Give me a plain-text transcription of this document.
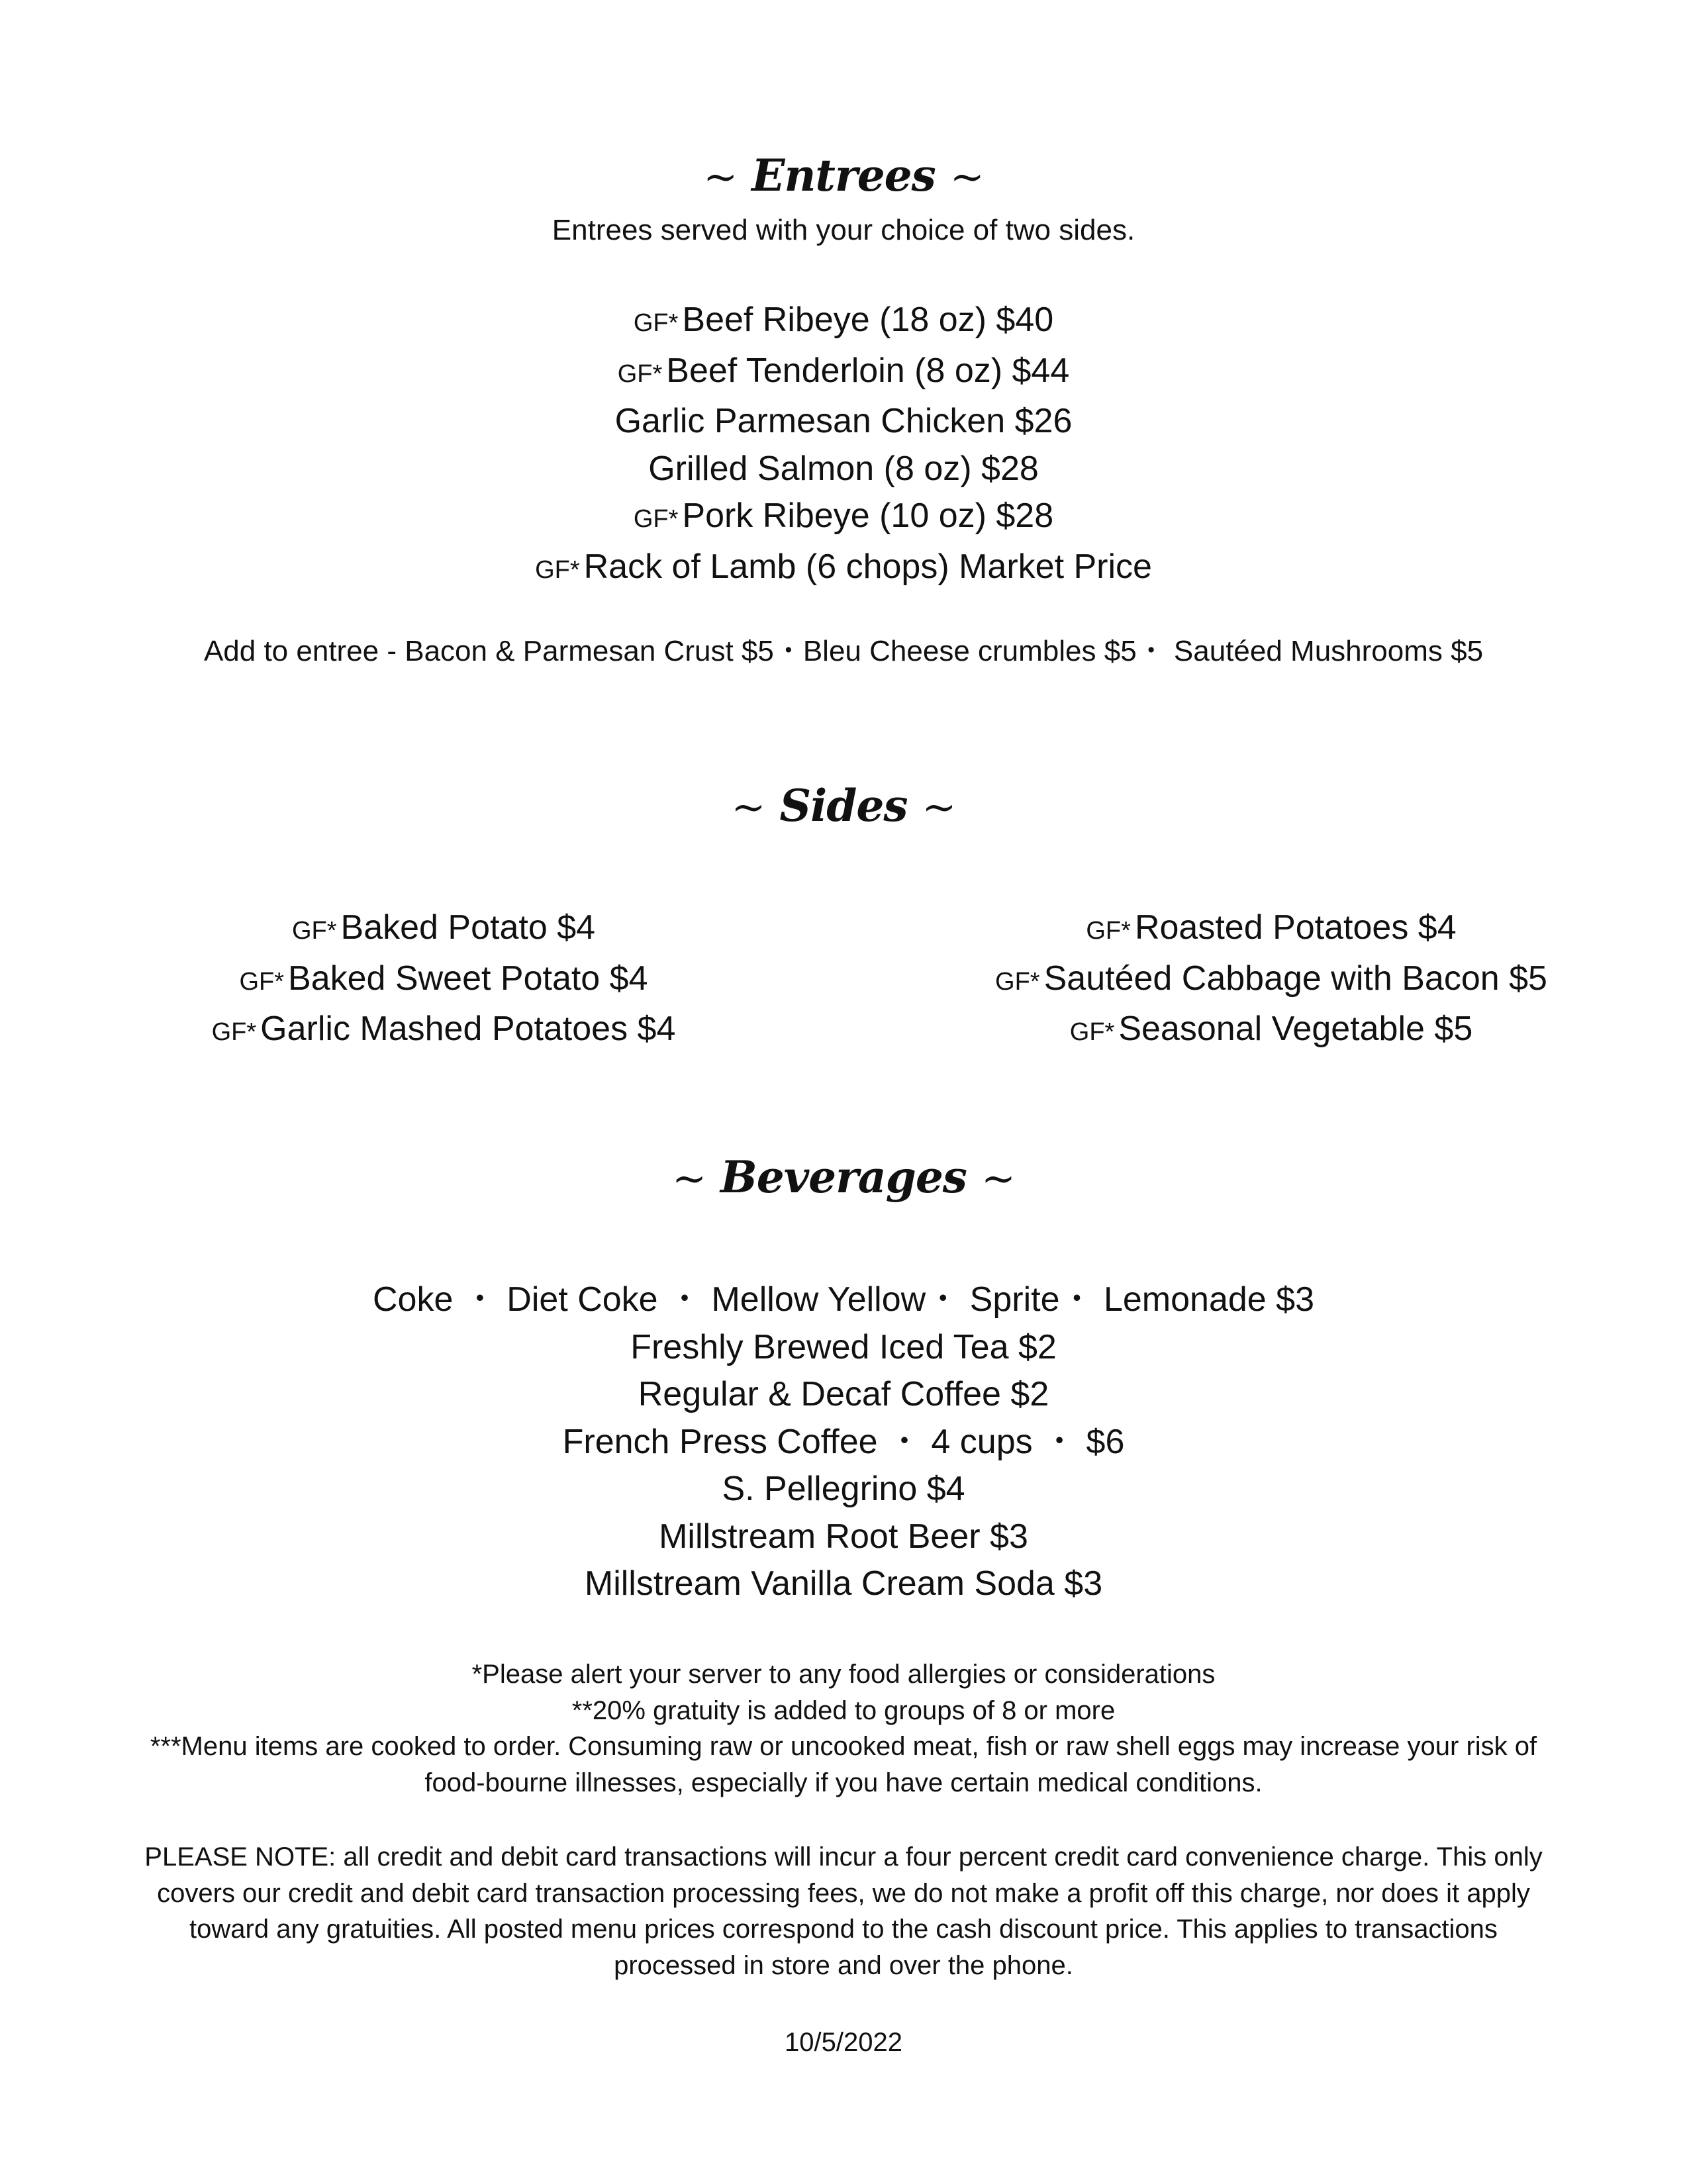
~ Entrees ~
Entrees served with your choice of two sides.
GF* Beef Ribeye (18 oz) $40
GF* Beef Tenderloin (8 oz) $44
Garlic Parmesan Chicken $26
Grilled Salmon (8 oz) $28
GF* Pork Ribeye (10 oz) $28
GF* Rack of Lamb (6 chops) Market Price
Add to entree - Bacon & Parmesan Crust $5・Bleu Cheese crumbles $5・ Sautéed Mushrooms $5
~ Sides ~
GF* Baked Potato $4
GF* Baked Sweet Potato $4
GF* Garlic Mashed Potatoes $4
GF* Roasted Potatoes $4
GF* Sautéed Cabbage with Bacon $5
GF* Seasonal Vegetable $5
~ Beverages ~
Coke ・ Diet Coke ・ Mellow Yellow・ Sprite・ Lemonade $3
Freshly Brewed Iced Tea $2
Regular & Decaf Coffee $2
French Press Coffee ・ 4 cups ・ $6
S. Pellegrino $4
Millstream Root Beer $3
Millstream Vanilla Cream Soda $3
*Please alert your server to any food allergies or considerations
**20% gratuity is added to groups of 8 or more
***Menu items are cooked to order. Consuming raw or uncooked meat, fish or raw shell eggs may increase your risk of
food-bourne illnesses, especially if you have certain medical conditions.
PLEASE NOTE: all credit and debit card transactions will incur a four percent credit card convenience charge. This only
covers our credit and debit card transaction processing fees, we do not make a profit off this charge, nor does it apply
toward any gratuities. All posted menu prices correspond to the cash discount price. This applies to transactions
processed in store and over the phone.
10/5/2022
